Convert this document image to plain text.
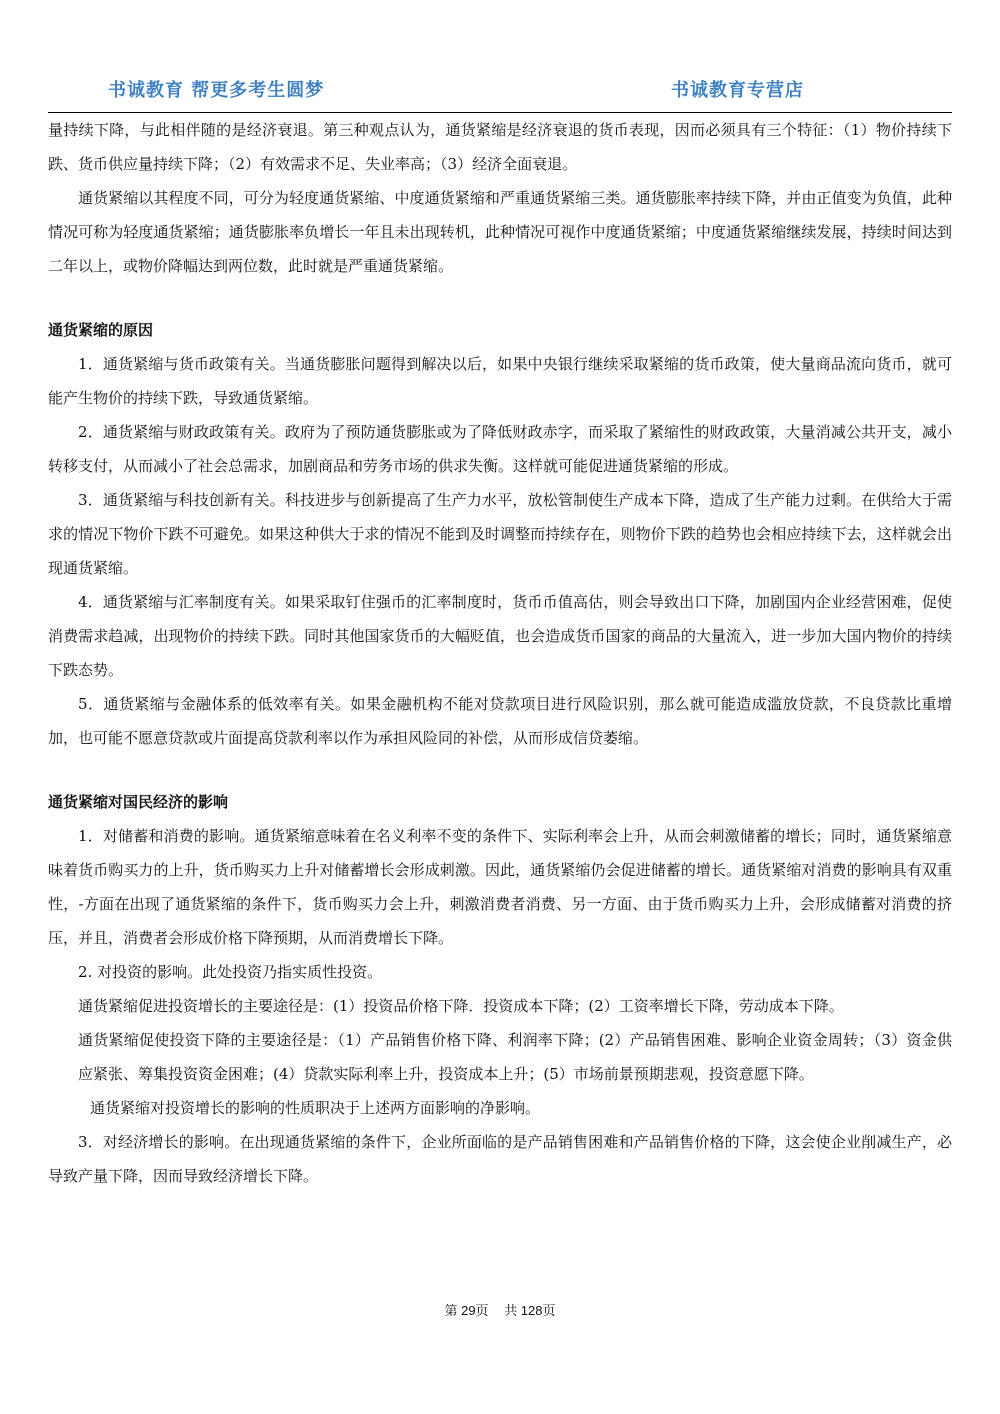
书诚教育 帮更多考生圆梦	书诚教育专营店

量持续下降，与此相伴随的是经济衰退。第三种观点认为，通货紧缩是经济衰退的货币表现，因而必须具有三个特征：（1）物价持续下跌、货币供应量持续下降；（2）有效需求不足、失业率高；（3）经济全面衰退。

通货紧缩以其程度不同，可分为轻度通货紧缩、中度通货紧缩和严重通货紧缩三类。通货膨胀率持续下降，并由正值变为负值，此种情况可称为轻度通货紧缩；通货膨胀率负增长一年且未出现转机，此种情况可视作中度通货紧缩；中度通货紧缩继续发展，持续时间达到二年以上，或物价降幅达到两位数，此时就是严重通货紧缩。

通货紧缩的原因

1．通货紧缩与货币政策有关。当通货膨胀问题得到解决以后，如果中央银行继续采取紧缩的货币政策，使大量商品流向货币，就可能产生物价的持续下跌，导致通货紧缩。

2．通货紧缩与财政政策有关。政府为了预防通货膨胀或为了降低财政赤字，而采取了紧缩性的财政政策，大量消减公共开支，减小转移支付，从而减小了社会总需求，加剧商品和劳务市场的供求失衡。这样就可能促进通货紧缩的形成。

3．通货紧缩与科技创新有关。科技进步与创新提高了生产力水平，放松管制使生产成本下降，造成了生产能力过剩。在供给大于需求的情况下物价下跌不可避免。如果这种供大于求的情况不能到及时调整而持续存在，则物价下跌的趋势也会相应持续下去，这样就会出现通货紧缩。

4．通货紧缩与汇率制度有关。如果采取钉住强币的汇率制度时，货币币值高估，则会导致出口下降，加剧国内企业经营困难，促使消费需求趋减，出现物价的持续下跌。同时其他国家货币的大幅贬值，也会造成货币国家的商品的大量流入，进一步加大国内物价的持续下跌态势。

5．通货紧缩与金融体系的低效率有关。如果金融机构不能对贷款项目进行风险识别，那么就可能造成滥放贷款，不良贷款比重增加，也可能不愿意贷款或片面提高贷款利率以作为承担风险同的补偿，从而形成信贷萎缩。

通货紧缩对国民经济的影响

1．对储蓄和消费的影响。通货紧缩意味着在名义利率不变的条件下、实际利率会上升，从而会刺激储蓄的增长；同时，通货紧缩意味着货币购买力的上升，货币购买力上升对储蓄增长会形成刺激。因此，通货紧缩仍会促进储蓄的增长。通货紧缩对消费的影响具有双重性，-方面在出现了通货紧缩的条件下，货币购买力会上升，刺激消费者消费、另一方面、由于货币购买力上升，会形成储蓄对消费的挤压，并且，消费者会形成价格下降预期，从而消费增长下降。

2. 对投资的影响。此处投资乃指实质性投资。

通货紧缩促进投资增长的主要途径是：(1）投资品价格下降．投资成本下降；(2）工资率增长下降，劳动成本下降。

通货紧缩促使投资下降的主要途径是：（1）产品销售价格下降、利润率下降；(2）产品销售困难、影响企业资金周转；（3）资金供应紧张、筹集投资资金困难；(4）贷款实际利率上升，投资成本上升；(5）市场前景预期悲观，投资意愿下降。

通货紧缩对投资增长的影响的性质职决于上述两方面影响的净影响。

3．对经济增长的影响。在出现通货紧缩的条件下，企业所面临的是产品销售困难和产品销售价格的下降，这会使企业削减生产，必导致产量下降，因而导致经济增长下降。

第 29页 共 128页
